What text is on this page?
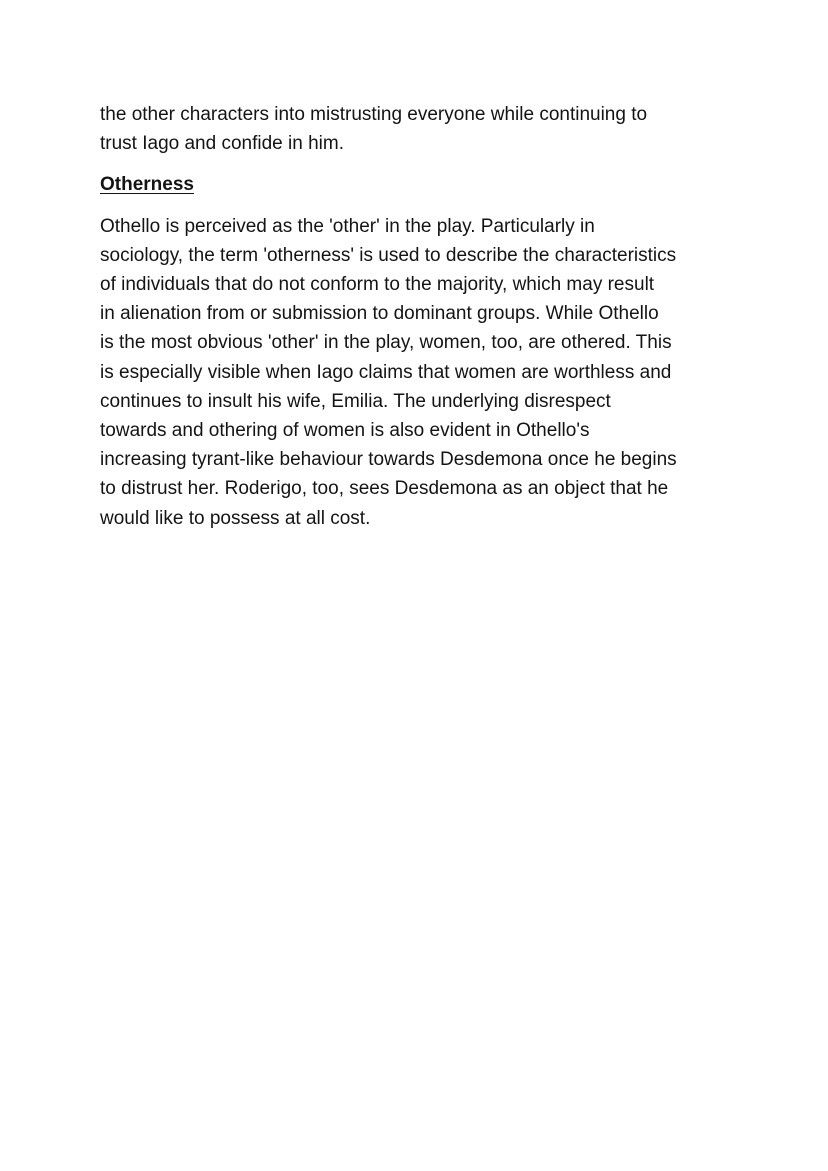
the other characters into mistrusting everyone while continuing to
trust Iago and confide in him.
Otherness
Othello is perceived as the 'other' in the play. Particularly in
sociology, the term 'otherness' is used to describe the characteristics
of individuals that do not conform to the majority, which may result
in alienation from or submission to dominant groups. While Othello
is the most obvious 'other' in the play, women, too, are othered. This
is especially visible when Iago claims that women are worthless and
continues to insult his wife, Emilia. The underlying disrespect
towards and othering of women is also evident in Othello's
increasing tyrant-like behaviour towards Desdemona once he begins
to distrust her. Roderigo, too, sees Desdemona as an object that he
would like to possess at all cost.
